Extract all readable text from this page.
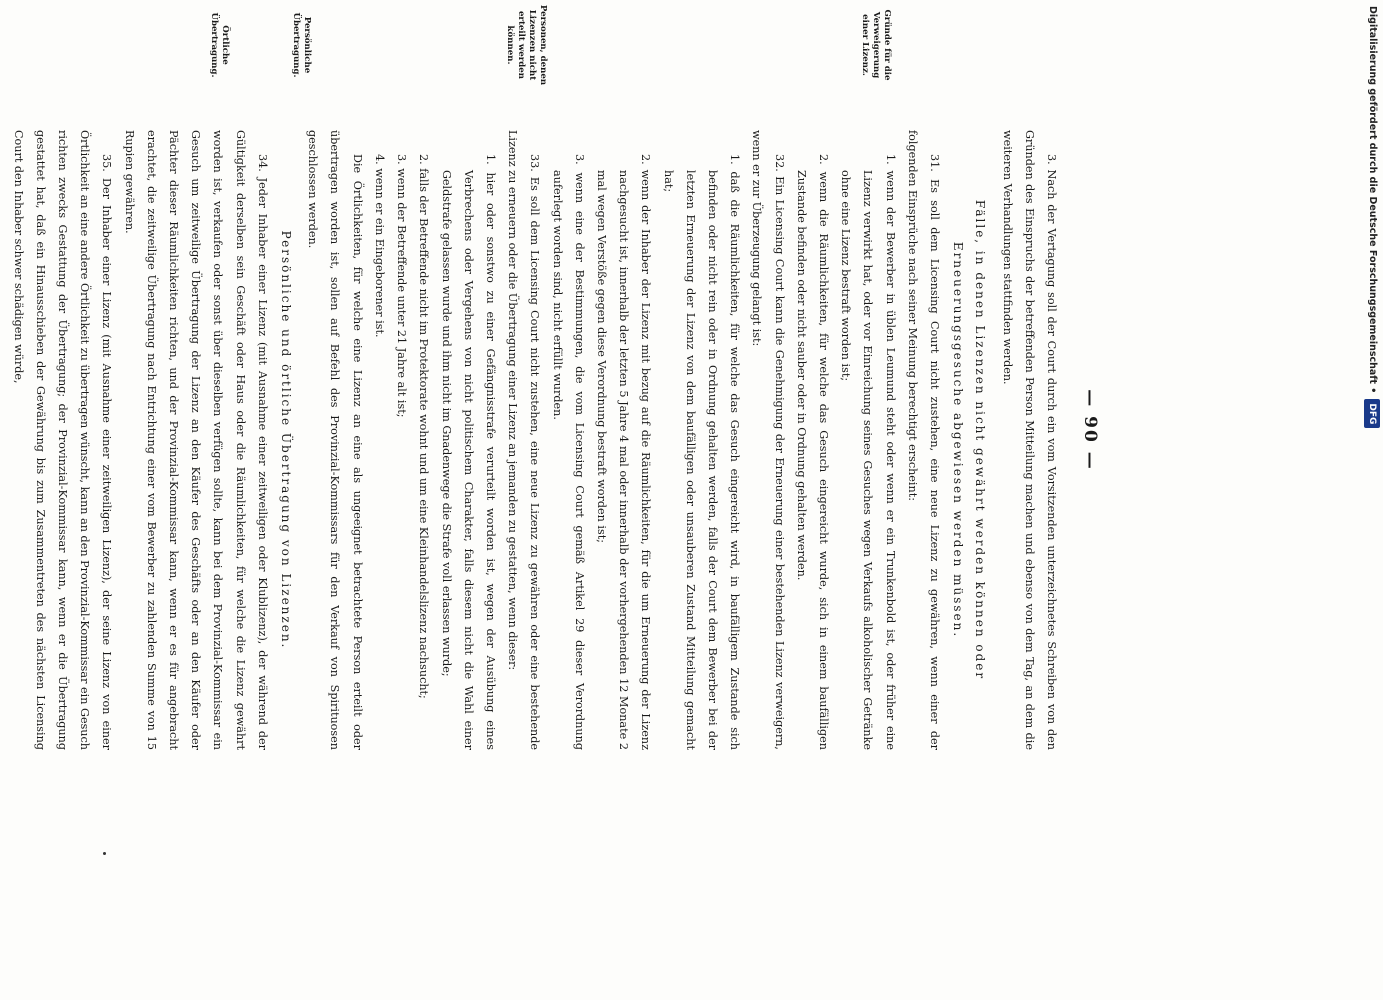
— 90 —
Gründe für die Verweigerung einer Lizenz.
Personen, denen Lizenzen nicht erteilt werden können.
Persönliche Übertragung.
Örtliche Übertragung.

3. Nach der Vertagung soll der Court durch ein vom Vorsitzenden unterzeichnetes Schreiben von den Gründen des Einspruchs der betreffenden Person Mitteilung machen und ebenso von dem Tag, an dem die weiteren Verhandlungen stattfinden werden.

Fälle, in denen Lizenzen nicht gewährt werden können oder Erneuerungsgesuche abgewiesen werden müssen.

31. Es soll dem Licensing Court nicht zustehen, eine neue Lizenz zu gewähren, wenn einer der folgenden Einsprüche nach seiner Meinung berechtigt erscheint:

1. wenn der Bewerber in üblen Leumund steht oder wenn er ein Trunkenbold ist, oder früher eine Lizenz verwirkt hat, oder vor Einreichung seines Gesuches wegen Verkaufs alkoholischer Getränke ohne eine Lizenz bestraft worden ist;

2. wenn die Räumlichkeiten, für welche das Gesuch eingereicht wurde, sich in einem baufälligen Zustande befinden oder nicht sauber oder in Ordnung gehalten werden.

32. Ein Licensing Court kann die Genehmigung der Erneuerung einer bestehenden Lizenz verweigern, wenn er zur Überzeugung gelangt ist:

1. daß die Räumlichkeiten, für welche das Gesuch eingereicht wird, in baufälligem Zustande sich befinden oder nicht rein oder in Ordnung gehalten werden, falls der Court dem Bewerber bei der letzten Erneuerung der Lizenz von dem baufälligen oder unsauberen Zustand Mitteilung gemacht hat;

2. wenn der Inhaber der Lizenz mit bezug auf die Räumlichkeiten, für die um Erneuerung der Lizenz nachgesucht ist, innerhalb der letzten 5 Jahre 4 mal oder innerhalb der vorhergehenden 12 Monate 2 mal wegen Verstöße gegen diese Verordnung bestraft worden ist;

3. wenn eine der Bestimmungen, die vom Licensing Court gemäß Artikel 29 dieser Verordnung auferlegt worden sind, nicht erfüllt wurden.

33. Es soll dem Licensing Court nicht zustehen, eine neue Lizenz zu gewähren oder eine bestehende Lizenz zu erneuern oder die Übertragung einer Lizenz an jemanden zu gestatten, wenn dieser:

1. hier oder sonstwo zu einer Gefängnisstrafe verurteilt worden ist, wegen der Ausübung eines Verbrechens oder Vergehens von nicht politischem Charakter, falls diesem nicht die Wahl einer Geldstrafe gelassen wurde und ihm nicht im Gnadenwege die Strafe voll erlassen wurde;

2. falls der Betreffende nicht im Protektorate wohnt und um eine Kleinhandelslizenz nachsucht;

3. wenn der Betreffende unter 21 Jahre alt ist;

4. wenn er ein Eingeborener ist.

Die Örtlichkeiten, für welche eine Lizenz an eine als ungeeignet betrachtete Person erteilt oder übertragen worden ist, sollen auf Befehl des Provinzial-Kommissars für den Verkauf von Spirituosen geschlossen werden.

Persönliche und örtliche Übertragung von Lizenzen.

34. Jeder Inhaber einer Lizenz (mit Ausnahme einer zeitweiligen oder Klublizenz), der während der Gültigkeit derselben sein Geschäft oder Haus oder die Räumlichkeiten, für welche die Lizenz gewährt worden ist, verkaufen oder sonst über dieselben verfügen sollte, kann bei dem Provinzial-Kommissar ein Gesuch um zeitweilige Übertragung der Lizenz an den Käufer des Geschäfts oder an den Käufer oder Pächter dieser Räumlichkeiten richten, und der Provinzial-Kommissar kann, wenn er es für angebracht erachtet, die zeitweilige Übertragung nach Entrichtung einer vom Bewerber zu zahlenden Summe von 15 Rupien gewähren.

35. Der Inhaber einer Lizenz (mit Ausnahme einer zeitweiligen Lizenz), der seine Lizenz von einer Örtlichkeit an eine andere Örtlichkeit zu übertragen wünscht, kann an den Provinzial-Kommissar ein Gesuch richten zwecks Gestattung der Übertragung; der Provinzial-Kommissar kann, wenn er die Übertragung gestattet hat, daß ein Hinausschieben der Gewährung bis zum Zusammentreten des nächsten Licensing Court den Inhaber schwer schädigen würde,	Digitalisierung gefördert durch die Deutsche Forschungsgemeinschaft •DFG
